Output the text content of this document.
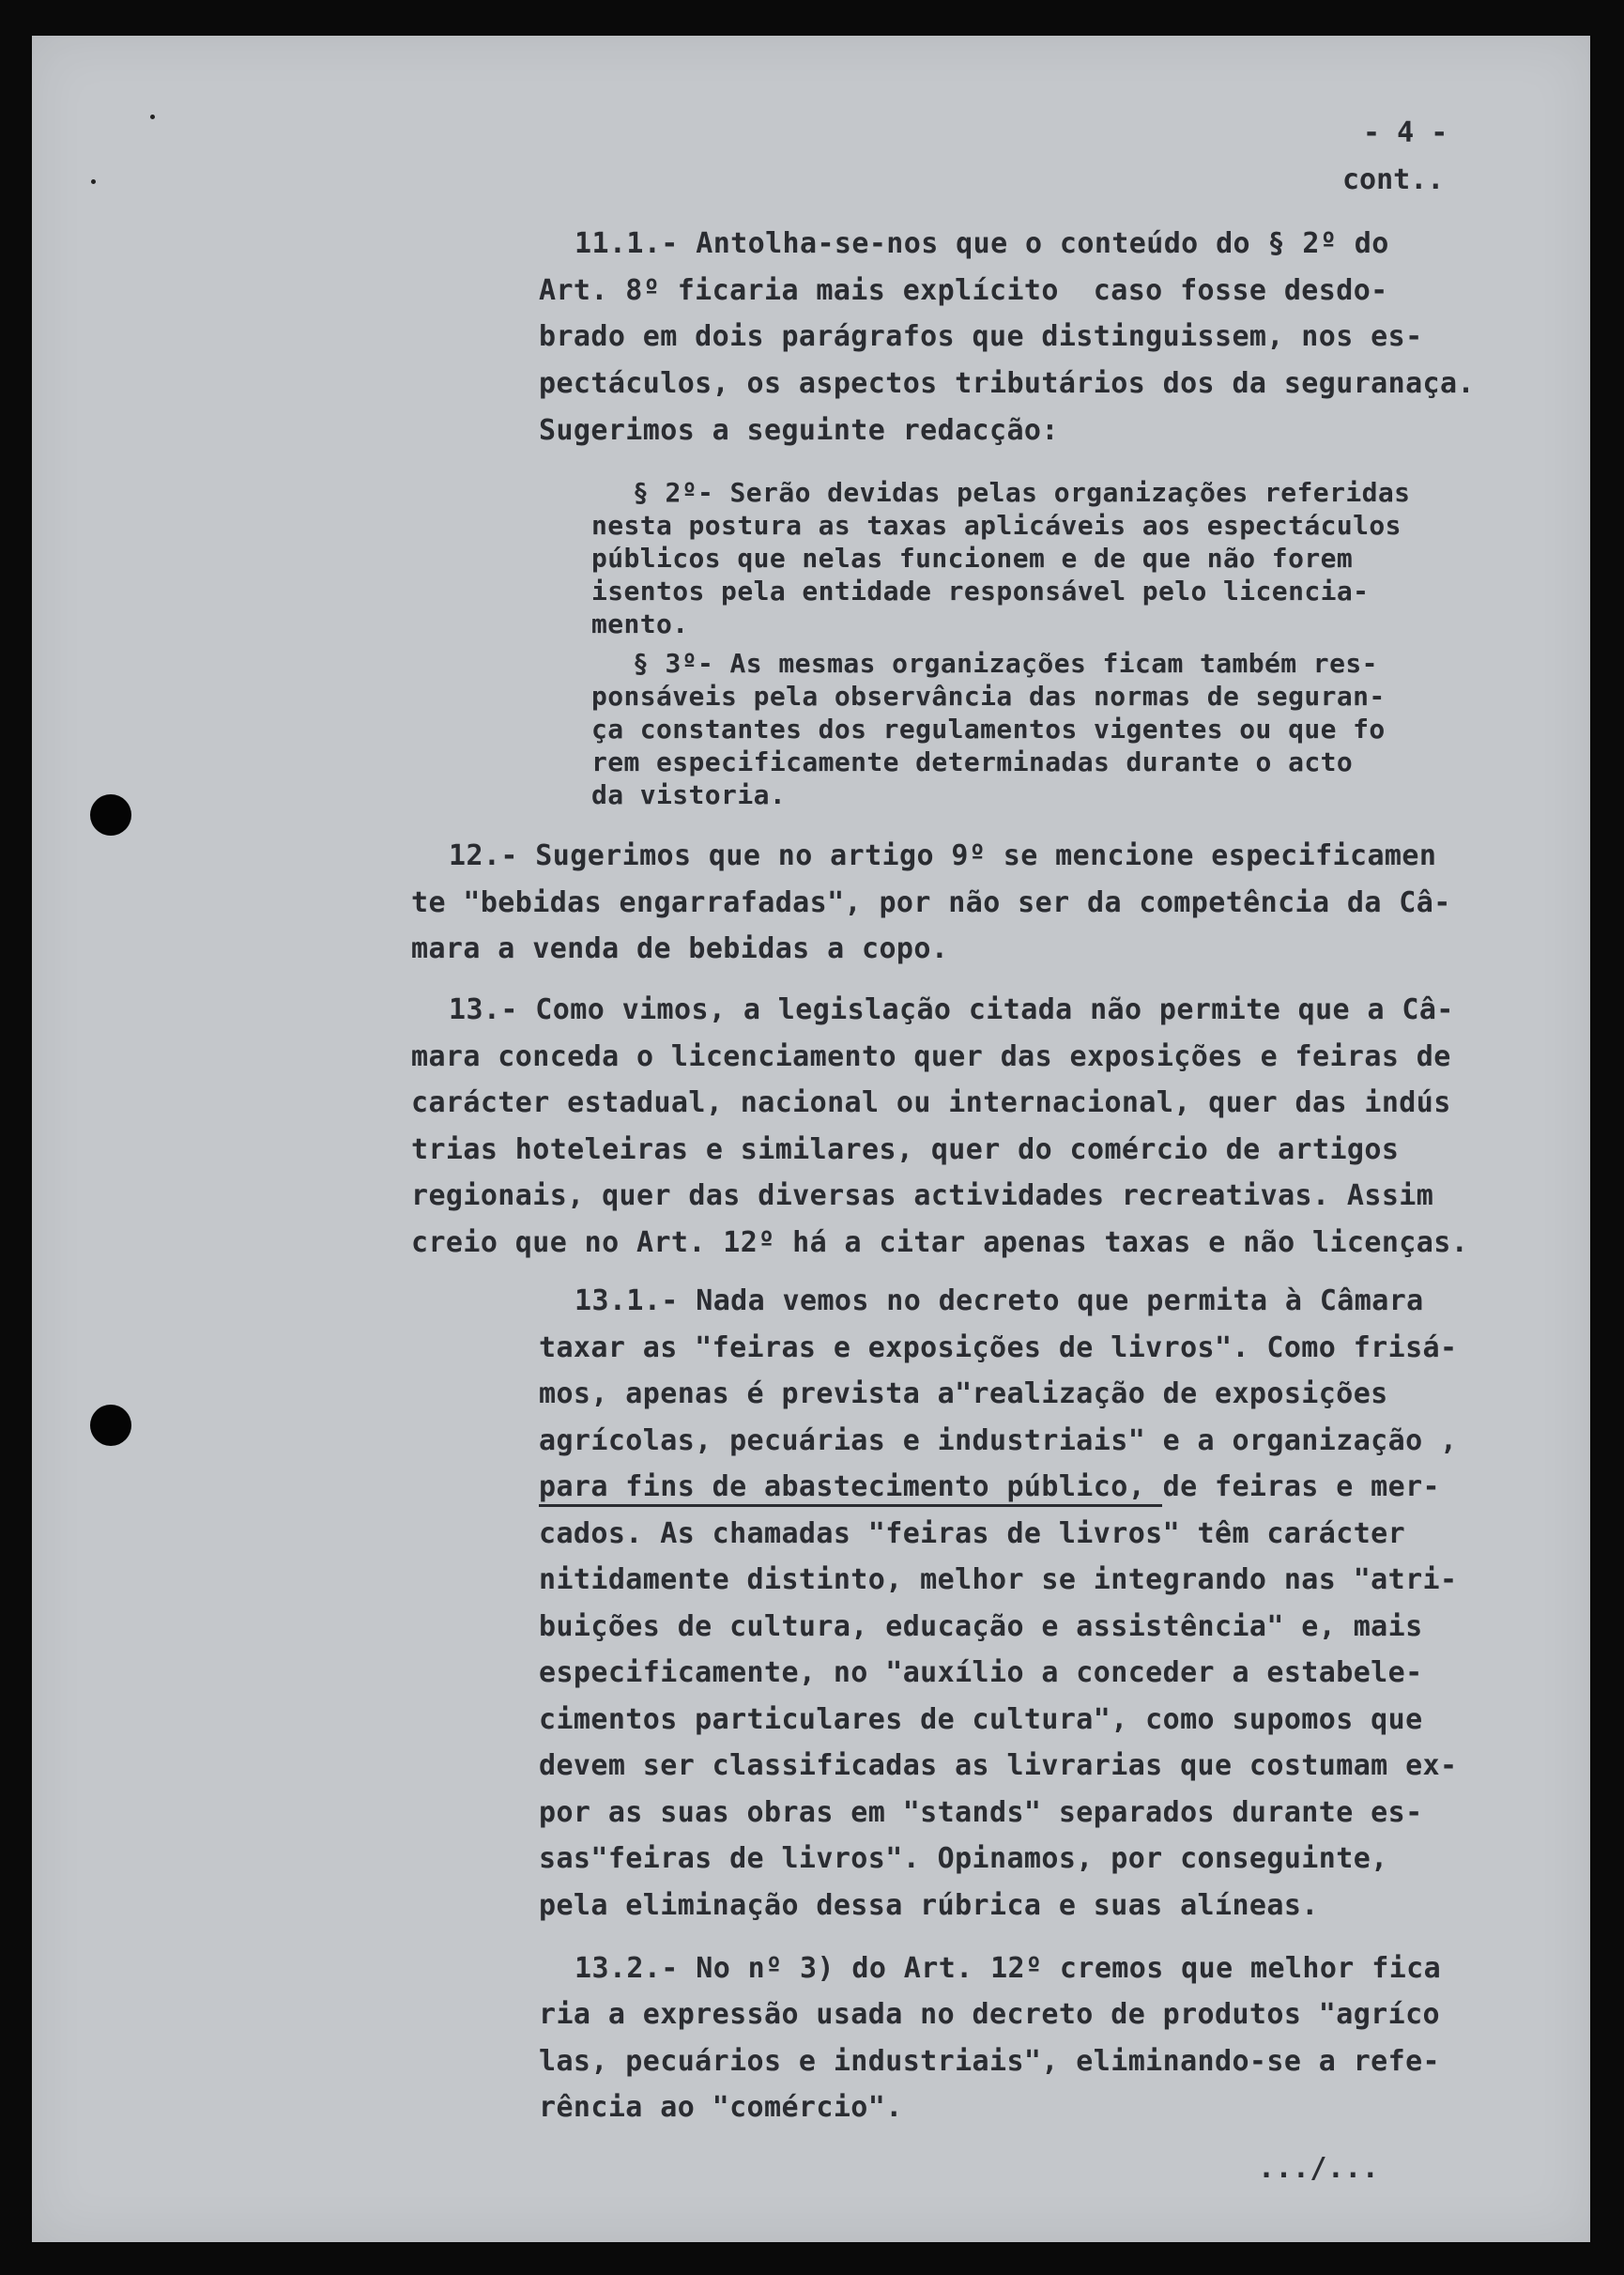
- 4 -
cont..
11.1.- Antolha-se-nos que o conteúdo do § 2º do
Art. 8º ficaria mais explícito  caso fosse desdo-
brado em dois parágrafos que distinguissem, nos es-
pectáculos, os aspectos tributários dos da seguranaça.
Sugerimos a seguinte redacção:
§ 2º- Serão devidas pelas organizações referidas
nesta postura as taxas aplicáveis aos espectáculos
públicos que nelas funcionem e de que não forem
isentos pela entidade responsável pelo licencia-
mento.
§ 3º- As mesmas organizações ficam também res-
ponsáveis pela observância das normas de seguran-
ça constantes dos regulamentos vigentes ou que fo
rem especificamente determinadas durante o acto
da vistoria.
12.- Sugerimos que no artigo 9º se mencione especificamen
te "bebidas engarrafadas", por não ser da competência da Câ-
mara a venda de bebidas a copo.
13.- Como vimos, a legislação citada não permite que a Câ-
mara conceda o licenciamento quer das exposições e feiras de
carácter estadual, nacional ou internacional, quer das indús
trias hoteleiras e similares, quer do comércio de artigos
regionais, quer das diversas actividades recreativas. Assim
creio que no Art. 12º há a citar apenas taxas e não licenças.
13.1.- Nada vemos no decreto que permita à Câmara
taxar as "feiras e exposições de livros". Como frisá-
mos, apenas é prevista a"realização de exposições
agrícolas, pecuárias e industriais" e a organização ,
para fins de abastecimento público, de feiras e mer-
cados. As chamadas "feiras de livros" têm carácter
nitidamente distinto, melhor se integrando nas "atri-
buições de cultura, educação e assistência" e, mais
especificamente, no "auxílio a conceder a estabele-
cimentos particulares de cultura", como supomos que
devem ser classificadas as livrarias que costumam ex-
por as suas obras em "stands" separados durante es-
sas"feiras de livros". Opinamos, por conseguinte,
pela eliminação dessa rúbrica e suas alíneas.
13.2.- No nº 3) do Art. 12º cremos que melhor fica
ria a expressão usada no decreto de produtos "agríco
las, pecuários e industriais", eliminando-se a refe-
rência ao "comércio".
.../...
